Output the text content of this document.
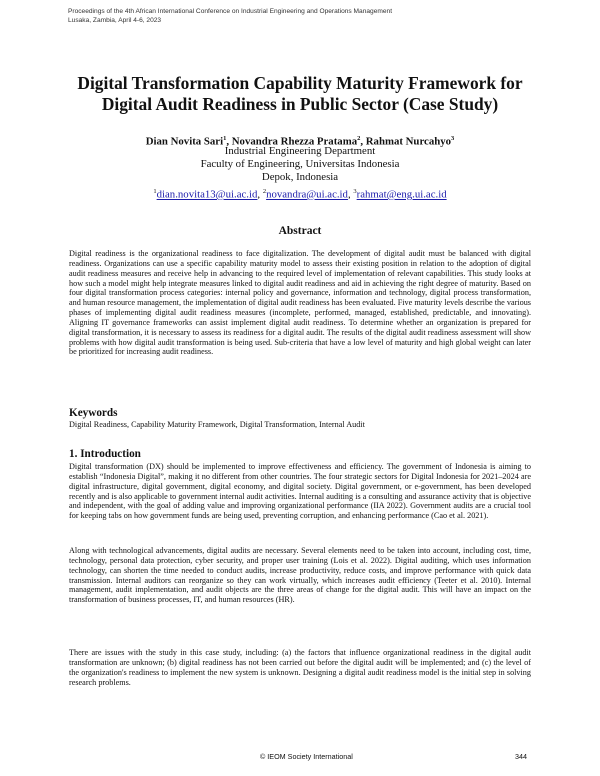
Proceedings of the 4th African International Conference on Industrial Engineering and Operations Management
Lusaka, Zambia, April 4-6, 2023
Digital Transformation Capability Maturity Framework for
Digital Audit Readiness in Public Sector (Case Study)
Dian Novita Sari$^1$, Novandra Rhezza Pratama$^2$, Rahmat Nurcahyo$^3$
Industrial Engineering Department
Faculty of Engineering, Universitas Indonesia
Depok, Indonesia
$^1$dian.novita13@ui.ac.id, $^2$novandra@ui.ac.id, $^3$rahmat@eng.ui.ac.id
Abstract
Digital readiness is the organizational readiness to face digitalization. The development of digital audit must be balanced with digital readiness. Organizations can use a specific capability maturity model to assess their existing position in relation to the adoption of digital audit readiness measures and receive help in advancing to the required level of implementation of relevant capabilities. This study looks at how such a model might help integrate measures linked to digital audit readiness and aid in achieving the right degree of maturity. Based on four digital transformation process categories: internal policy and governance, information and technology, digital process transformation, and human resource management, the implementation of digital audit readiness has been evaluated. Five maturity levels describe the various phases of implementing digital audit readiness measures (incomplete, performed, managed, established, predictable, and innovating). Aligning IT governance frameworks can assist implement digital audit readiness. To determine whether an organization is prepared for digital transformation, it is necessary to assess its readiness for a digital audit. The results of the digital audit readiness assessment will show problems with how digital audit transformation is being used. Sub-criteria that have a low level of maturity and high global weight can later be prioritized for increasing audit readiness.
Keywords
Digital Readiness, Capability Maturity Framework, Digital Transformation, Internal Audit
1. Introduction
Digital transformation (DX) should be implemented to improve effectiveness and efficiency. The government of Indonesia is aiming to establish “Indonesia Digital”, making it no different from other countries. The four strategic sectors for Digital Indonesia for 2021–2024 are digital infrastructure, digital government, digital economy, and digital society. Digital government, or e-government, has been developed recently and is also applicable to government internal audit activities. Internal auditing is a consulting and assurance activity that is objective and independent, with the goal of adding value and improving organizational performance (IIA 2022). Government audits are a crucial tool for keeping tabs on how government funds are being used, preventing corruption, and enhancing performance (Cao et al. 2021).
Along with technological advancements, digital audits are necessary. Several elements need to be taken into account, including cost, time, technology, personal data protection, cyber security, and proper user training (Lois et al. 2022). Digital auditing, which uses information technology, can shorten the time needed to conduct audits, increase productivity, reduce costs, and improve performance with quick data transmission. Internal auditors can reorganize so they can work virtually, which increases audit efficiency (Teeter et al. 2010). Internal management, audit implementation, and audit objects are the three areas of change for the digital audit. This will have an impact on the transformation of business processes, IT, and human resources (HR).
There are issues with the study in this case study, including: (a) the factors that influence organizational readiness in the digital audit transformation are unknown; (b) digital readiness has not been carried out before the digital audit will be implemented; and (c) the level of the organization's readiness to implement the new system is unknown. Designing a digital audit readiness model is the initial step in solving research problems.
© IEOM Society International	344
